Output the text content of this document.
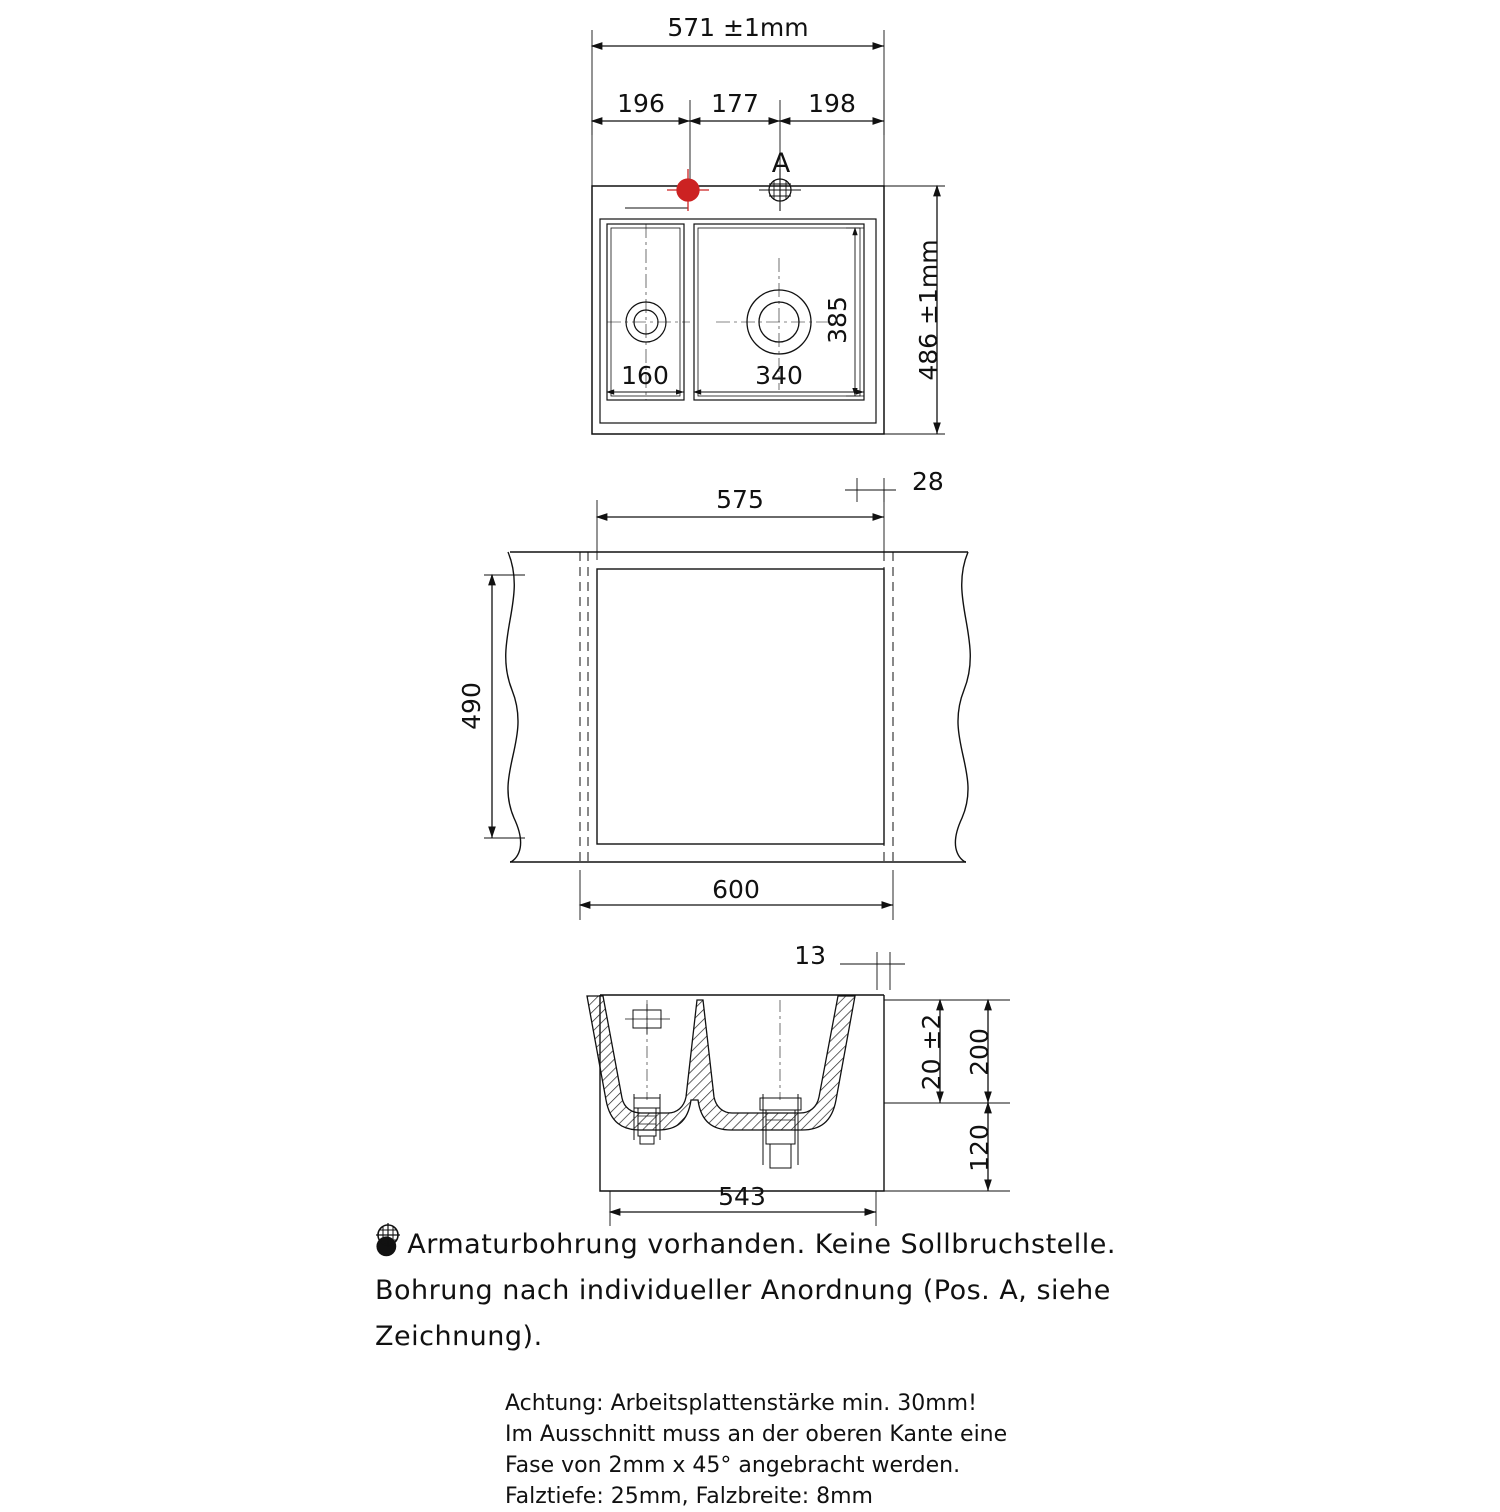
571 ±1mm
196 177 198
A
160	340	486 ±1mm
385
575
28
490
600
13
20 ±2 200
120
543
● Armaturbohrung vorhanden. Keine Sollbruchstelle.
Bohrung nach individueller Anordnung (
Pos. A, siehe
Zeichnung).
Achtung: Arbeitsplattenstärke min. 30mm!
Im Ausschnitt muss an der oberen Kante eine
Fase von 2mm x 45° angebracht werden.
Falztiefe: 25mm, Falzbreite: 8mm
